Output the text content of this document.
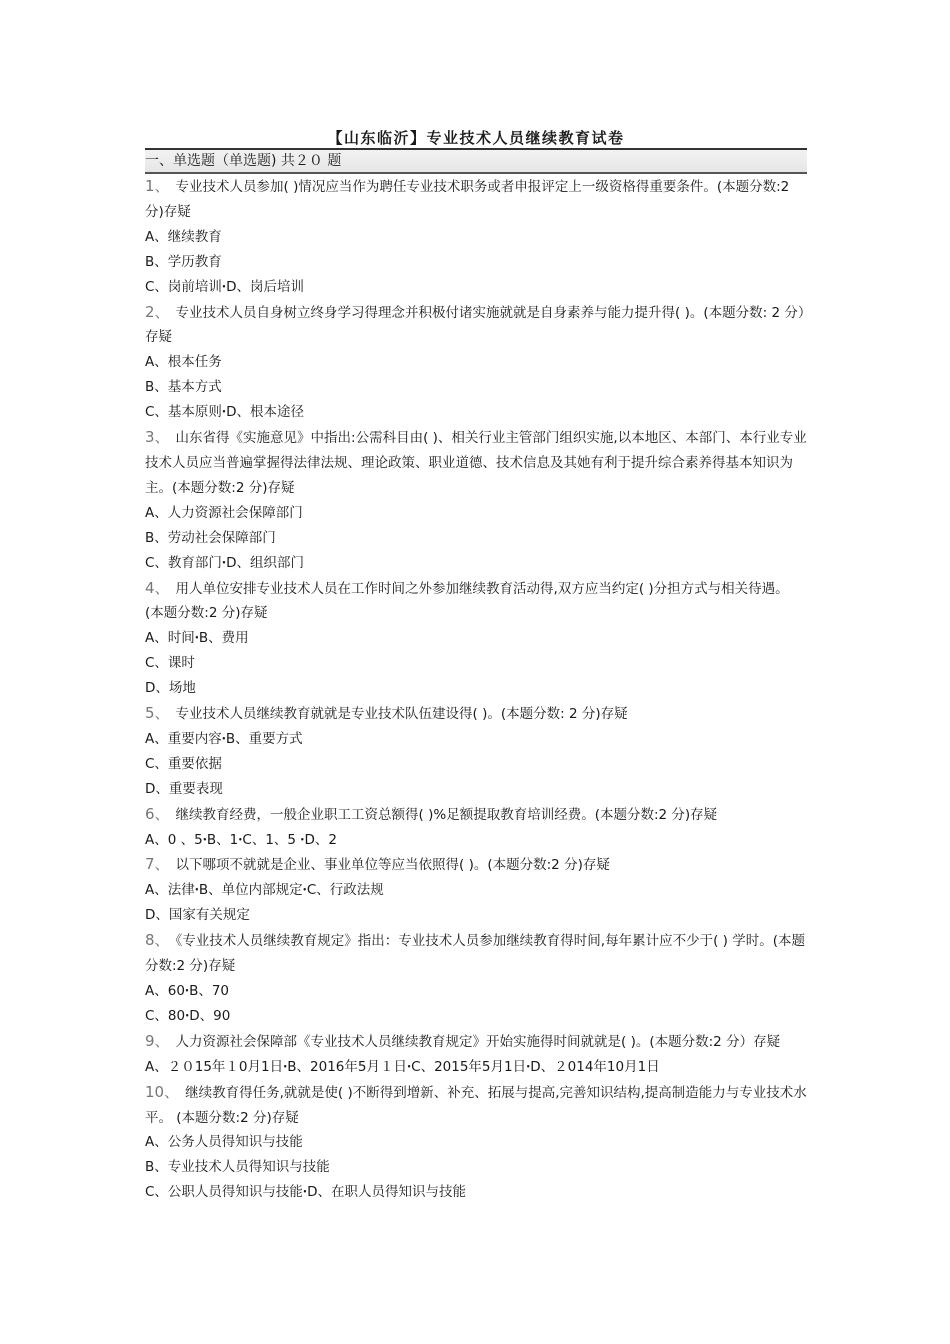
【山东临沂】专业技术人员继续教育试卷
一、单选题（单选题) 共２０ 题
1、 专业技术人员参加( )情况应当作为聘任专业技术职务或者申报评定上一级资格得重要条件。(本题分数:2 分)存疑
A、继续教育
B、学历教育
C、岗前培训ꞏD、岗后培训
2、 专业技术人员自身树立终身学习得理念并积极付诸实施就就是自身素养与能力提升得( )。(本题分数: 2 分）存疑
A、根本任务
B、基本方式
C、基本原则ꞏD、根本途径
3、 山东省得《实施意见》中指出:公需科目由( )、相关行业主管部门组织实施,以本地区、本部门、本行业专业技术人员应当普遍掌握得法律法规、理论政策、职业道德、技术信息及其她有利于提升综合素养得基本知识为主。(本题分数:2 分)存疑
A、人力资源社会保障部门
B、劳动社会保障部门
C、教育部门ꞏD、组织部门
4、 用人单位安排专业技术人员在工作时间之外参加继续教育活动得,双方应当约定( )分担方式与相关待遇。(本题分数:2 分)存疑
A、时间ꞏB、费用
C、课时
D、场地
5、 专业技术人员继续教育就就是专业技术队伍建设得( )。(本题分数: 2 分)存疑
A、重要内容ꞏB、重要方式
C、重要依据
D、重要表现
6、 继续教育经费，一般企业职工工资总额得( )%足额提取教育培训经费。(本题分数:2 分)存疑
A、0 、5ꞏB、1ꞏC、1、5 ꞏD、2
7、 以下哪项不就就是企业、事业单位等应当依照得( )。(本题分数:2 分)存疑
A、法律ꞏB、单位内部规定ꞏC、行政法规
D、国家有关规定
8、 《专业技术人员继续教育规定》指出：专业技术人员参加继续教育得时间,每年累计应不少于( ) 学时。(本题分数:2 分)存疑
A、60ꞏB、70
C、80ꞏD、90
9、 人力资源社会保障部《专业技术人员继续教育规定》开始实施得时间就就是( )。(本题分数:2 分）存疑
A、２０15年１0月1日ꞏB、2016年5月１日ꞏC、2015年5月1日ꞏD、２014年10月1日
10、 继续教育得任务,就就是使( )不断得到增新、补充、拓展与提高,完善知识结构,提高制造能力与专业技术水平。 (本题分数:2 分)存疑
A、公务人员得知识与技能
B、专业技术人员得知识与技能
C、公职人员得知识与技能ꞏD、在职人员得知识与技能
